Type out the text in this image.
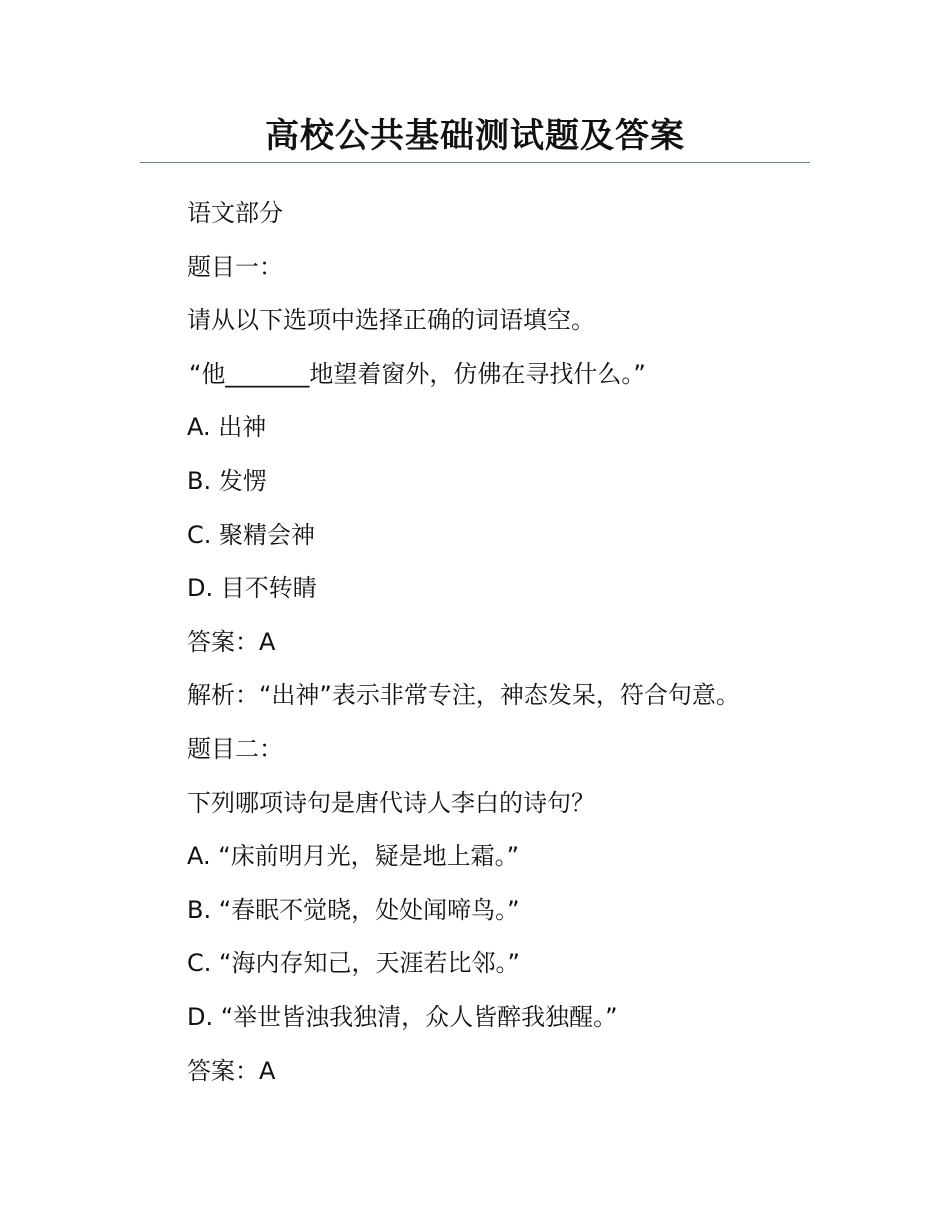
高校公共基础测试题及答案
语文部分
题目一：
请从以下选项中选择正确的词语填空。
“他_______地望着窗外，仿佛在寻找什么。”
A. 出神
B. 发愣
C. 聚精会神
D. 目不转睛
答案：A
解析：“出神”表示非常专注，神态发呆，符合句意。
题目二：
下列哪项诗句是唐代诗人李白的诗句？
A. “床前明月光，疑是地上霜。”
B. “春眠不觉晓，处处闻啼鸟。”
C. “海内存知己，天涯若比邻。”
D. “举世皆浊我独清，众人皆醉我独醒。”
答案：A
